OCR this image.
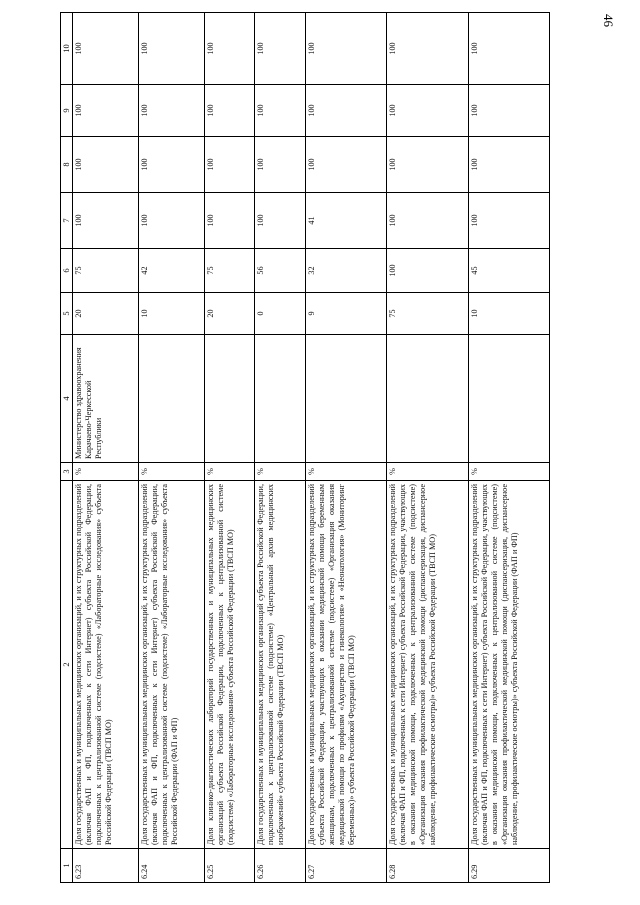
46
1	2	3	4	5	6	7	8	9	10
6.23	Доля государственных и муниципальных медицинских организаций, и их структурных подразделений (включая ФАП и ФП, подключенных к сети Интернет) субъекта Российской Федерации, подключенных к централизованной системе (подсистеме) «Лабораторные исследования» субъекта Российской Федерации (ТВСП МО)	%	Министерство здравоохранения Карачаево-Черкесской Республики	20	75	100	100	100	100
6.24	Доля государственных и муниципальных медицинских организаций, и их структурных подразделений (включая ФАП и ФП, подключенных к сети Интернет) субъекта Российской Федерации, подключенных к централизованной системе (подсистеме) «Лабораторные исследования» субъекта Российской Федерации (ФАП и ФП)	%		10	42	100	100	100	100
6.25	Доля клинико-диагностических лабораторий государственных и муниципальных медицинских организаций субъекта Российской Федерации, подключенных к централизованной системе (подсистеме) «Лабораторные исследования» субъекта Российской Федерации (ТВСП МО)	%		20	75	100	100	100	100
6.26	Доля государственных и муниципальных медицинских организаций субъекта Российской Федерации, подключенных к централизованной системе (подсистеме) «Центральный архив медицинских изображений» субъекта Российской Федерации (ТВСП МО)	%		0	56	100	100	100	100
6.27	Доля государственных и муниципальных медицинских организаций, и их структурных подразделений субъекта Российской Федерации, участвующих в оказании медицинской помощи беременным женщинам, подключенных к централизованной системе (подсистеме) «Организация оказания медицинской помощи по профилям «Акушерство и гинекология» и «Неонатология» (Мониторинг беременных)» субъекта Российской Федерации (ТВСП МО)	%		9	32	41	100	100	100
6.28	Доля государственных и муниципальных медицинских организаций, и их структурных подразделений (включая ФАП и ФП, подключенных к сети Интернет) субъекта Российской Федерации, участвующих в оказании медицинской помощи, подключенных к централизованной системе (подсистеме) «Организация оказания профилактической медицинской помощи (диспансеризация, диспансерное наблюдение, профилактические осмотры)» субъекта Российской Федерации (ТВСП МО)	%		75	100	100	100	100	100
6.29	Доля государственных и муниципальных медицинских организаций, и их структурных подразделений (включая ФАП и ФП, подключенных к сети Интернет) субъекта Российской Федерации, участвующих в оказании медицинской помощи, подключенных к централизованной системе (подсистеме) «Организация оказания профилактической медицинской помощи (диспансеризация, диспансерное наблюдение, профилактические осмотры)» субъекта Российской Федерации (ФАП и ФП)	%		10	45	100	100	100	100
